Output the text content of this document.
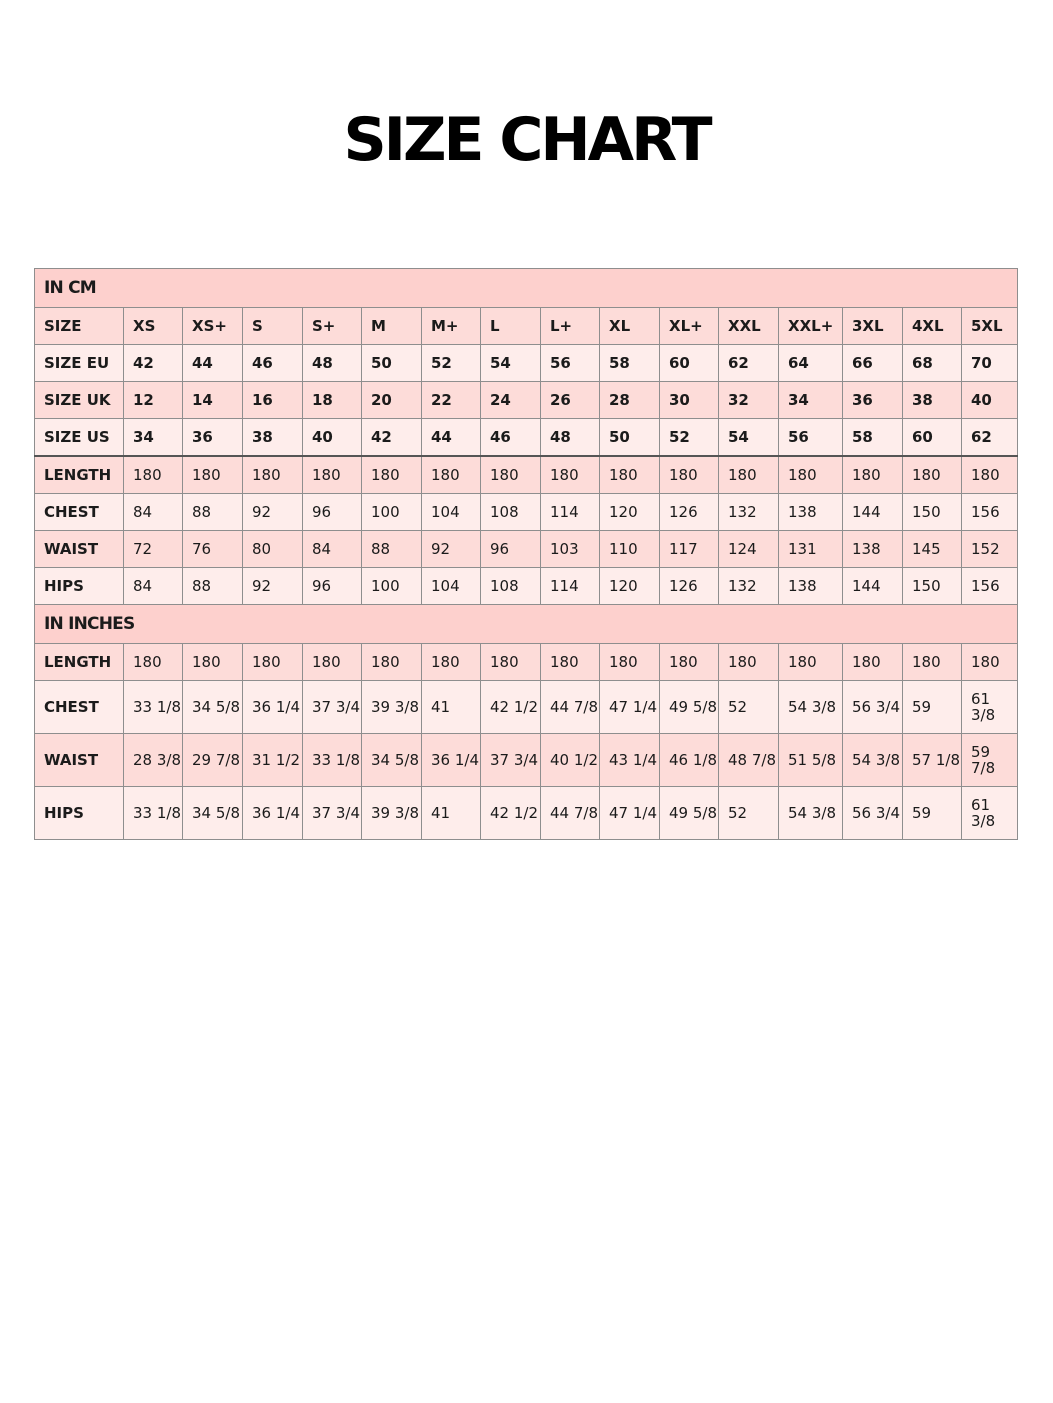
SIZE CHART
IN CM															
SIZE	XS	XS+	S	S+	M	M+	L	L+	XL	XL+	XXL	XXL+	3XL	4XL	5XL
SIZE EU	42	44	46	48	50	52	54	56	58	60	62	64	66	68	70
SIZE UK	12	14	16	18	20	22	24	26	28	30	32	34	36	38	40
SIZE US	34	36	38	40	42	44	46	48	50	52	54	56	58	60	62
LENGTH	180	180	180	180	180	180	180	180	180	180	180	180	180	180	180
CHEST	84	88	92	96	100	104	108	114	120	126	132	138	144	150	156
WAIST	72	76	80	84	88	92	96	103	110	117	124	131	138	145	152
HIPS	84	88	92	96	100	104	108	114	120	126	132	138	144	150	156
IN INCHES															
LENGTH	180	180	180	180	180	180	180	180	180	180	180	180	180	180	180
CHEST	33 1/8	34 5/8	36 1/4	37 3/4	39 3/8	41	42 1/2	44 7/8	47 1/4	49 5/8	52	54 3/8	56 3/4	59	61 3/8
WAIST	28 3/8	29 7/8	31 1/2	33 1/8	34 5/8	36 1/4	37 3/4	40 1/2	43 1/4	46 1/8	48 7/8	51 5/8	54 3/8	57 1/8	59 7/8
HIPS	33 1/8	34 5/8	36 1/4	37 3/4	39 3/8	41	42 1/2	44 7/8	47 1/4	49 5/8	52	54 3/8	56 3/4	59	61 3/8
